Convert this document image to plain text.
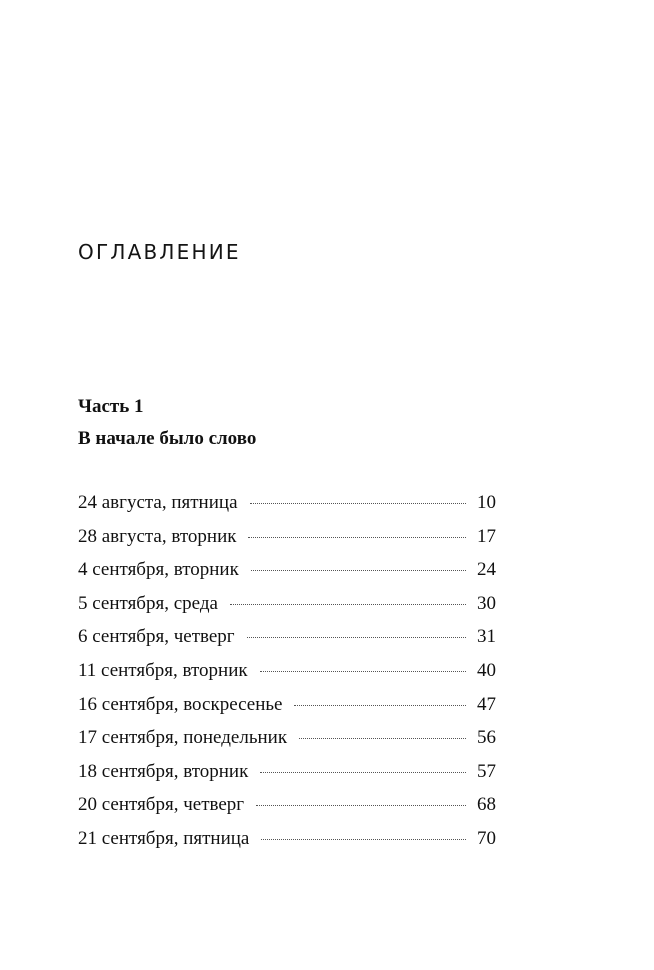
ОГЛАВЛЕНИЕ
Часть 1
В начале было слово
24 августа, пятница	10
28 августа, вторник	17
4 сентября, вторник	24
5 сентября, среда	30
6 сентября, четверг	31
11 сентября, вторник	40
16 сентября, воскресенье	47
17 сентября, понедельник	56
18 сентября, вторник	57
20 сентября, четверг	68
21 сентября, пятница	70
